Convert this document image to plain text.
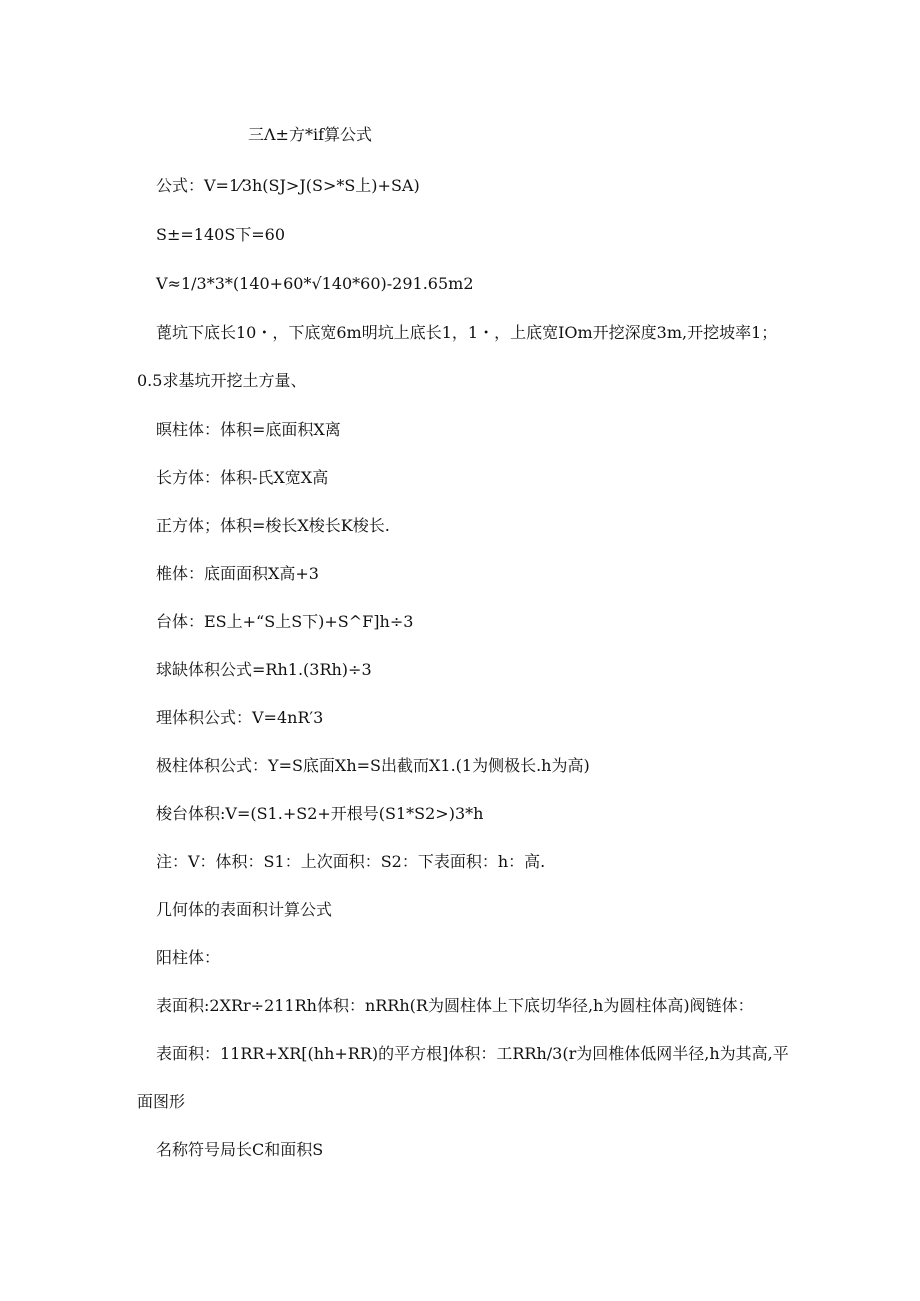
三Λ±方*if算公式
公式：V=1⁄3h(SJ>J(S>*S上)+SA)
S±=140S下=60
V≈1/3*3*(140+60*√140*60)-291.65m2
蓖坑下底长10・，下底宽6m明坑上底长1，1・，上底宽IOm开挖深度3m,开挖坡率1；
0.5求基坑开挖土方量、
暝柱体：体积=底面积X离
长方体：体积-氏X宽X高
正方体；体积=梭长X梭长K梭长.
椎体：底面面积X高+3
台体：ES上+“S上S下)+S^F]h÷3
球缺体积公式=Rh1.(3Rh)÷3
理体积公式：V=4nR′3
极柱体积公式：Y=S底面Xh=S出截而X1.(1为侧极长.h为高)
梭台体积:V=(S1.+S2+开根号(S1*S2>)3*h
注：V：体积：S1：上次面积：S2：下表面积：h：高.
几何体的表面积计算公式
阳柱体：
表面积:2XRr÷211Rh体积：nRRh(R为圆柱体上下底切华径,h为圆柱体高)阀链体：
表面积：11RR+XR[(hh+RR)的平方根]体积：工RRh/3(r为回椎体低网半径,h为其高,平
面图形
名称符号局长C和面积S
